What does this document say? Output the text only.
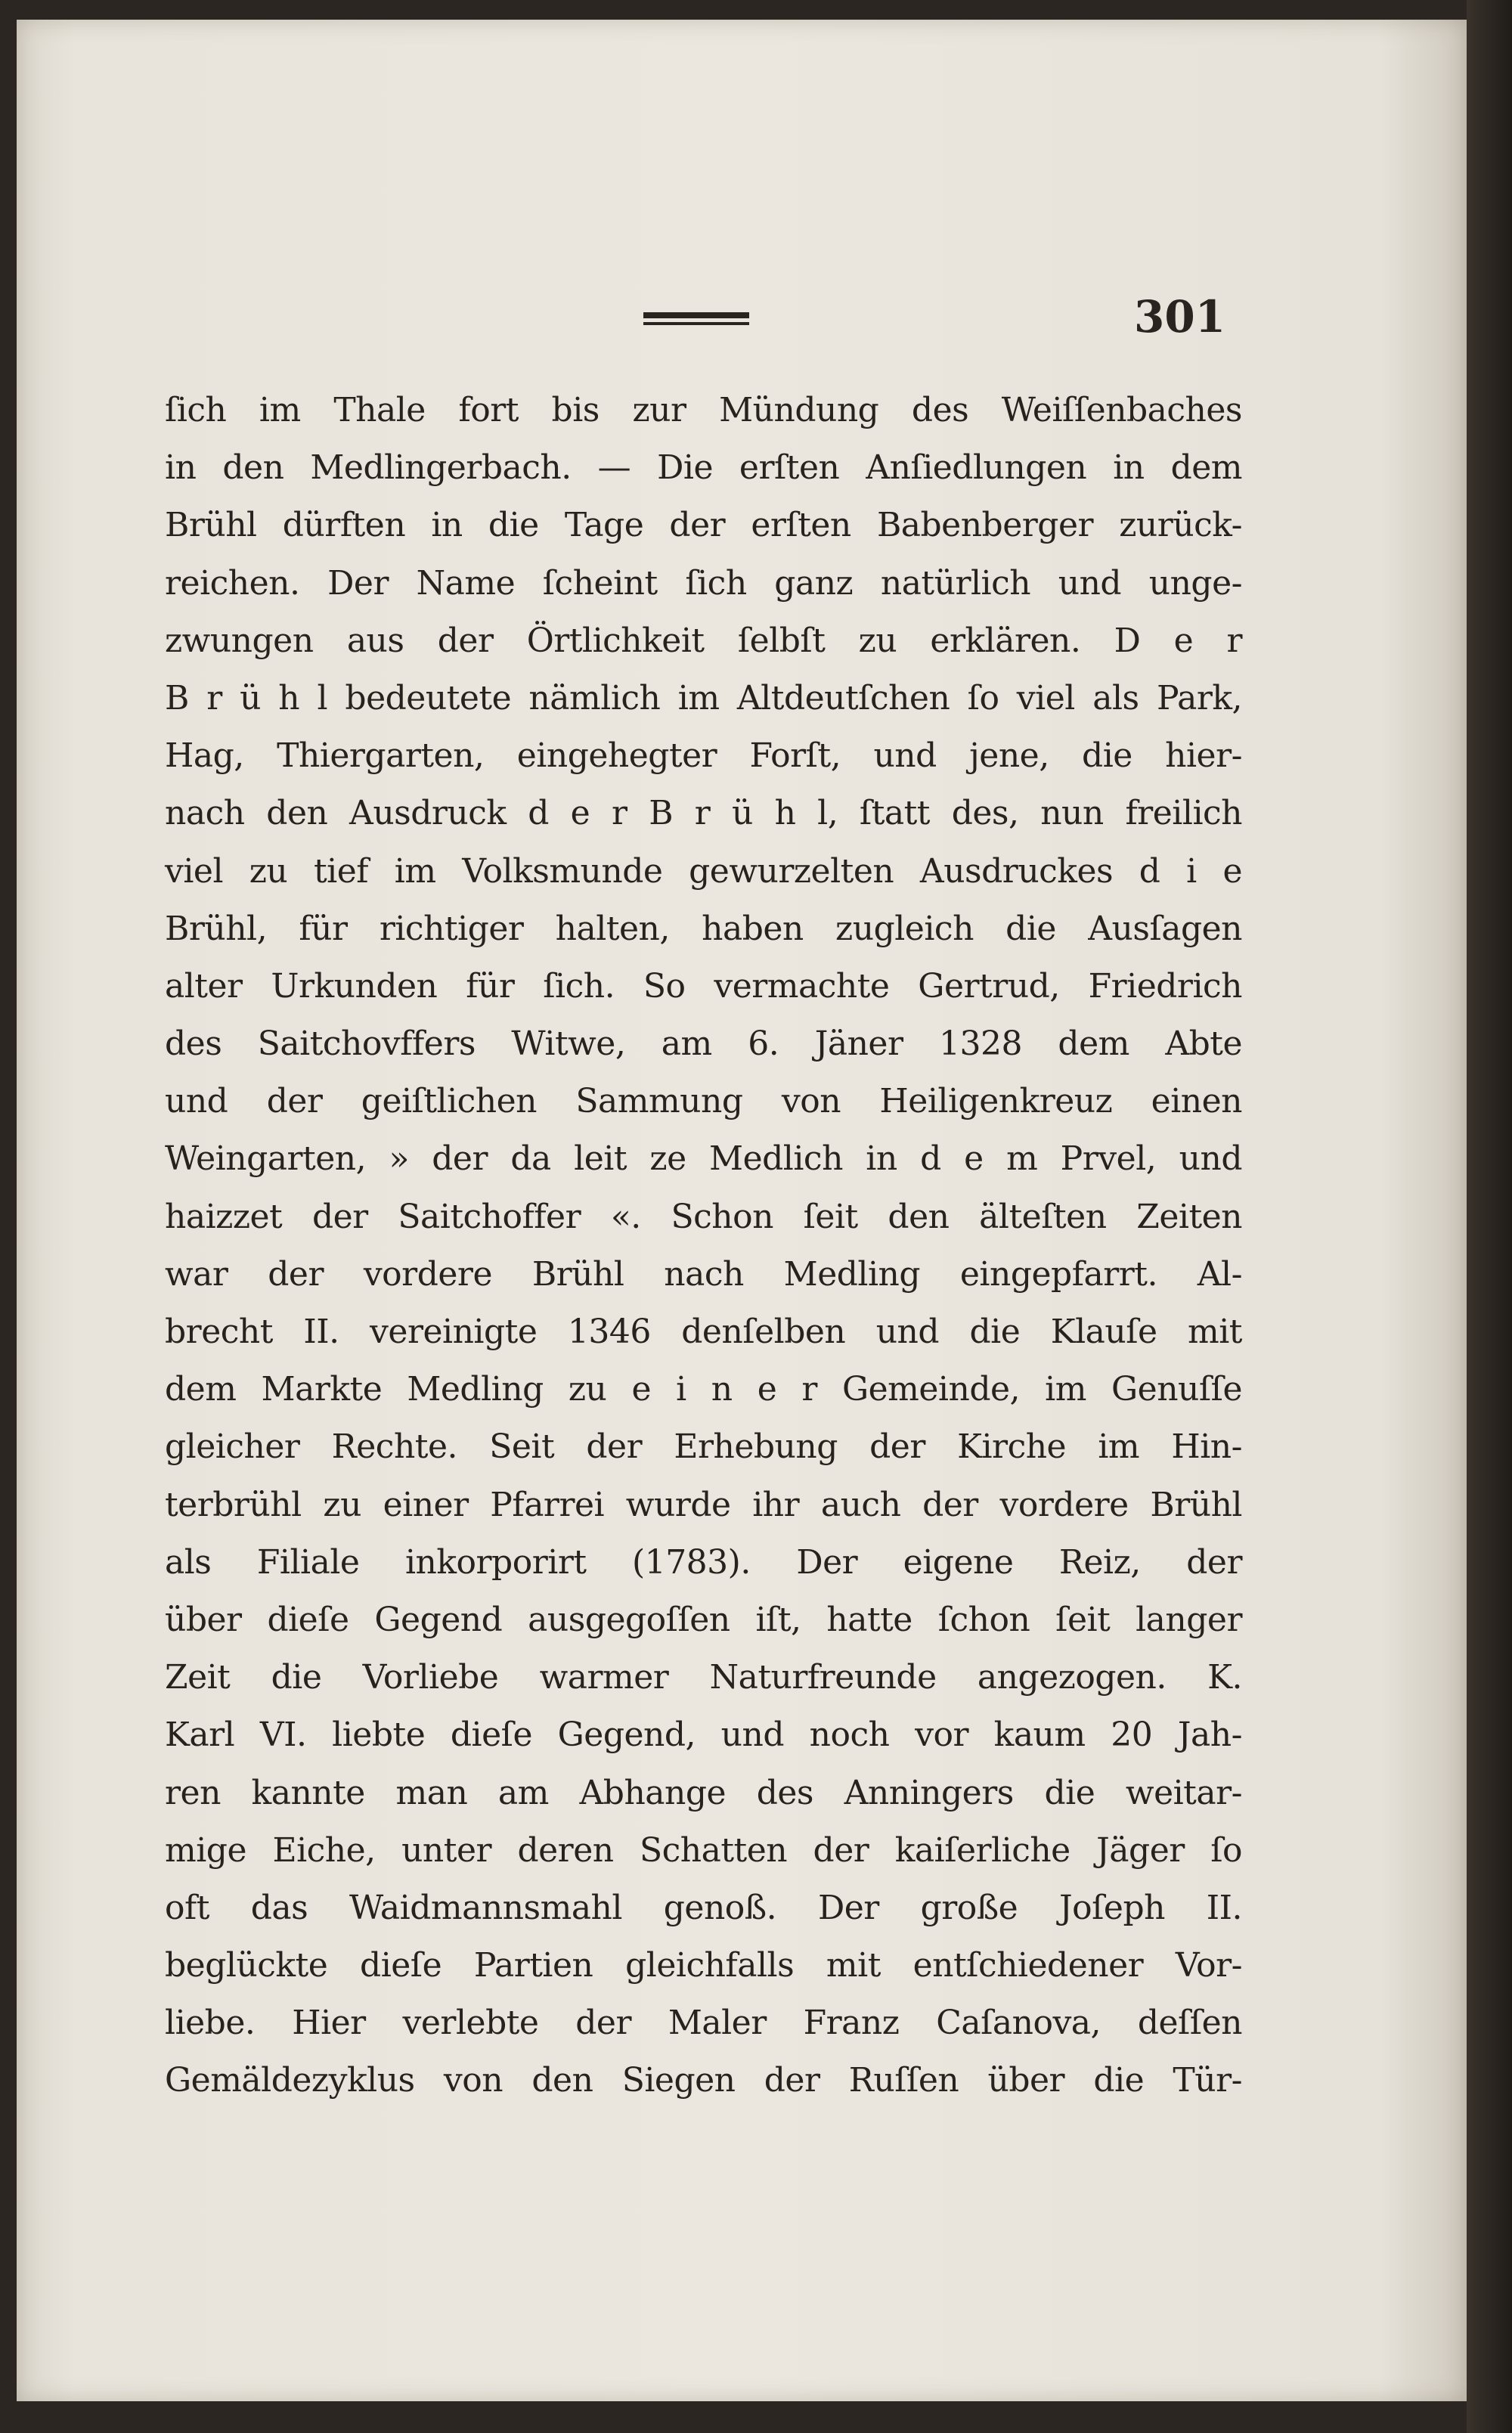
301
ſich im Thale fort bis zur Mündung des Weiſſenbaches
in den Medlingerbach. — Die erſten Anſiedlungen in dem
Brühl dürften in die Tage der erſten Babenberger zurück-
reichen. Der Name ſcheint ſich ganz natürlich und unge-
zwungen aus der Örtlichkeit ſelbſt zu erklären. D e r
B r ü h l bedeutete nämlich im Altdeutſchen ſo viel als Park,
Hag, Thiergarten, eingehegter Forſt, und jene, die hier-
nach den Ausdruck d e r B r ü h l, ſtatt des, nun freilich
viel zu tief im Volksmunde gewurzelten Ausdruckes d i e
Brühl, für richtiger halten, haben zugleich die Ausſagen
alter Urkunden für ſich. So vermachte Gertrud, Friedrich
des Saitchovffers Witwe, am 6. Jäner 1328 dem Abte
und der geiſtlichen Sammung von Heiligenkreuz einen
Weingarten, » der da leit ze Medlich in d e m Prvel, und
haizzet der Saitchoffer «. Schon ſeit den älteſten Zeiten
war der vordere Brühl nach Medling eingepfarrt. Al-
brecht II. vereinigte 1346 denſelben und die Klauſe mit
dem Markte Medling zu e i n e r Gemeinde, im Genuſſe
gleicher Rechte. Seit der Erhebung der Kirche im Hin-
terbrühl zu einer Pfarrei wurde ihr auch der vordere Brühl
als Filiale inkorporirt (1783). Der eigene Reiz, der
über dieſe Gegend ausgegoſſen iſt, hatte ſchon ſeit langer
Zeit die Vorliebe warmer Naturfreunde angezogen. K.
Karl VI. liebte dieſe Gegend, und noch vor kaum 20 Jah-
ren kannte man am Abhange des Anningers die weitar-
mige Eiche, unter deren Schatten der kaiſerliche Jäger ſo
oft das Waidmannsmahl genoß. Der große Joſeph II.
beglückte dieſe Partien gleichfalls mit entſchiedener Vor-
liebe. Hier verlebte der Maler Franz Caſanova, deſſen
Gemäldezyklus von den Siegen der Ruſſen über die Tür-
